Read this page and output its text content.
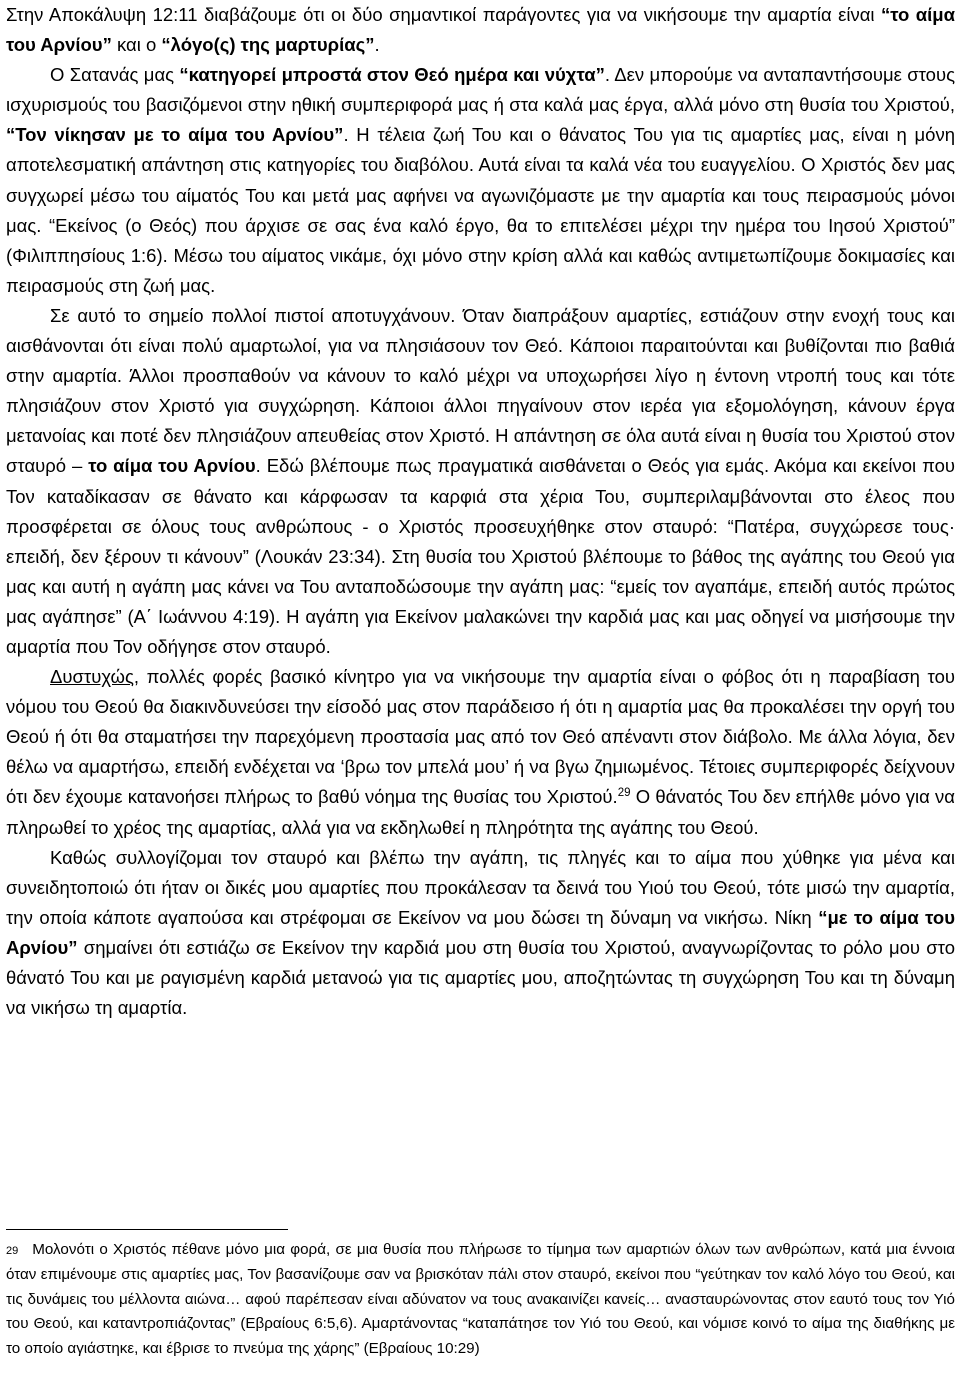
Στην Αποκάλυψη 12:11 διαβάζουμε ότι οι δύο σημαντικοί παράγοντες για να νικήσουμε την αμαρτία είναι “το αίμα του Αρνίου” και ο “λόγο(ς) της μαρτυρίας”.

Ο Σατανάς μας “κατηγορεί μπροστά στον Θεό ημέρα και νύχτα”. Δεν μπορούμε να ανταπαντήσουμε στους ισχυρισμούς του βασιζόμενοι στην ηθική συμπεριφορά μας ή στα καλά μας έργα, αλλά μόνο στη θυσία του Χριστού, “Τον νίκησαν με το αίμα του Αρνίου”. Η τέλεια ζωή Του και ο θάνατος Του για τις αμαρτίες μας, είναι η μόνη αποτελεσματική απάντηση στις κατηγορίες του διαβόλου. Αυτά είναι τα καλά νέα του ευαγγελίου. Ο Χριστός δεν μας συγχωρεί μέσω του αίματός Του και μετά μας αφήνει να αγωνιζόμαστε με την αμαρτία και τους πειρασμούς μόνοι μας. “Εκείνος (ο Θεός) που άρχισε σε σας ένα καλό έργο, θα το επιτελέσει μέχρι την ημέρα του Ιησού Χριστού” (Φιλιππησίους 1:6). Μέσω του αίματος νικάμε, όχι μόνο στην κρίση αλλά και καθώς αντιμετωπίζουμε δοκιμασίες και πειρασμούς στη ζωή μας.

Σε αυτό το σημείο πολλοί πιστοί αποτυγχάνουν. Όταν διαπράξουν αμαρτίες, εστιάζουν στην ενοχή τους και αισθάνονται ότι είναι πολύ αμαρτωλοί, για να πλησιάσουν τον Θεό. Κάποιοι παραιτούνται και βυθίζονται πιο βαθιά στην αμαρτία. Άλλοι προσπαθούν να κάνουν το καλό μέχρι να υποχωρήσει λίγο η έντονη ντροπή τους και τότε πλησιάζουν στον Χριστό για συγχώρηση. Κάποιοι άλλοι πηγαίνουν στον ιερέα για εξομολόγηση, κάνουν έργα μετανοίας και ποτέ δεν πλησιάζουν απευθείας στον Χριστό. Η απάντηση σε όλα αυτά είναι η θυσία του Χριστού στον σταυρό – το αίμα του Αρνίου. Εδώ βλέπουμε πως πραγματικά αισθάνεται ο Θεός για εμάς. Ακόμα και εκείνοι που Τον καταδίκασαν σε θάνατο και κάρφωσαν τα καρφιά στα χέρια Του, συμπεριλαμβάνονται στο έλεος που προσφέρεται σε όλους τους ανθρώπους - ο Χριστός προσευχήθηκε στον σταυρό: “Πατέρα, συγχώρεσε τους· επειδή, δεν ξέρουν τι κάνουν” (Λουκάν 23:34). Στη θυσία του Χριστού βλέπουμε το βάθος της αγάπης του Θεού για μας και αυτή η αγάπη μας κάνει να Του ανταποδώσουμε την αγάπη μας: “εμείς τον αγαπάμε, επειδή αυτός πρώτος μας αγάπησε” (Α΄ Ιωάννου 4:19). Η αγάπη για Εκείνον μαλακώνει την καρδιά μας και μας οδηγεί να μισήσουμε την αμαρτία που Τον οδήγησε στον σταυρό.

Δυστυχώς, πολλές φορές βασικό κίνητρο για να νικήσουμε την αμαρτία είναι ο φόβος ότι η παραβίαση του νόμου του Θεού θα διακινδυνεύσει την είσοδό μας στον παράδεισο ή ότι η αμαρτία μας θα προκαλέσει την οργή του Θεού ή ότι θα σταματήσει την παρεχόμενη προστασία μας από τον Θεό απέναντι στον διάβολο. Με άλλα λόγια, δεν θέλω να αμαρτήσω, επειδή ενδέχεται να ‘βρω τον μπελά μου’ ή να βγω ζημιωμένος. Τέτοιες συμπεριφορές δείχνουν ότι δεν έχουμε κατανοήσει πλήρως το βαθύ νόημα της θυσίας του Χριστού.$^{29}$ Ο θάνατός Του δεν επήλθε μόνο για να πληρωθεί το χρέος της αμαρτίας, αλλά για να εκδηλωθεί η πληρότητα της αγάπης του Θεού.

Καθώς συλλογίζομαι τον σταυρό και βλέπω την αγάπη, τις πληγές και το αίμα που χύθηκε για μένα και συνειδητοποιώ ότι ήταν οι δικές μου αμαρτίες που προκάλεσαν τα δεινά του Υιού του Θεού, τότε μισώ την αμαρτία, την οποία κάποτε αγαπούσα και στρέφομαι σε Εκείνον να μου δώσει τη δύναμη να νικήσω. Νίκη “με το αίμα του Αρνίου” σημαίνει ότι εστιάζω σε Εκείνον την καρδιά μου στη θυσία του Χριστού, αναγνωρίζοντας το ρόλο μου στο θάνατό Του και με ραγισμένη καρδιά μετανοώ για τις αμαρτίες μου, αποζητώντας τη συγχώρηση Του και τη δύναμη να νικήσω τη αμαρτία.

$^{29}$ Μολονότι ο Χριστός πέθανε μόνο μια φορά, σε μια θυσία που πλήρωσε το τίμημα των αμαρτιών όλων των ανθρώπων, κατά μια έννοια όταν επιμένουμε στις αμαρτίες μας, Τον βασανίζουμε σαν να βρισκόταν πάλι στον σταυρό, εκείνοι που “γεύτηκαν τον καλό λόγο του Θεού, και τις δυνάμεις του μέλλοντα αιώνα… αφού παρέπεσαν είναι αδύνατον να τους ανακαινίζει κανείς… ανασταυρώνοντας στον εαυτό τους τον Υιό του Θεού, και καταντροπιάζοντας” (Εβραίους 6:5,6). Αμαρτάνοντας “καταπάτησε τον Υιό του Θεού, και νόμισε κοινό το αίμα της διαθήκης με το οποίο αγιάστηκε, και έβρισε το πνεύμα της χάρης” (Εβραίους 10:29)
